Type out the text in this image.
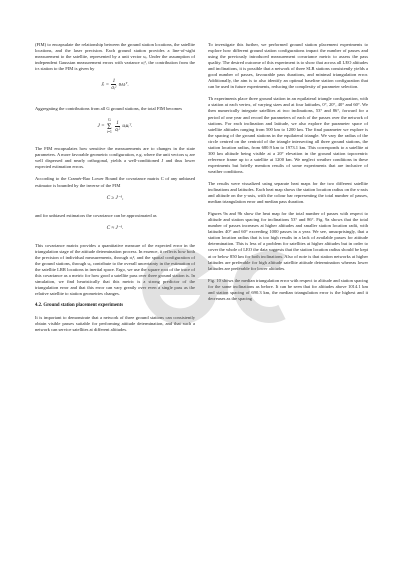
(FIM) to encapsulate the relationship between the ground station locations, the satellite locations, and the laser precision. Each ground station provides a line-of-sight measurement to the satellite, represented by a unit vector uᵢ. Under the assumption of independent Gaussian measurement errors with variance σᵢ², the contribution from the iₜₕ station to the FIM is given by

Jᵢ = $\frac{1}{\text{σᵢ²}}$ uᵢuᵢᵀ.

Aggregating the contributions from all G ground stations, the total FIM becomes

J =
G
Σ
i=1
$\frac{1}{\text{σᵢ²}}$ uᵢuᵢᵀ.

The FIM encapsulates how sensitive the measurements are to changes in the state parameters. A more favorable geometric configuration, e.g. where the unit vectors uᵢ are well dispersed and nearly orthogonal, yields a well-conditioned J and thus lower expected estimation errors.

According to the Cramér-Rao Lower Bound the covariance matrix C of any unbiased estimator is bounded by the inverse of the FIM

C ≥ J⁻¹,

and for unbiased estimators the covariance can be approximated as

C ≈ J⁻¹.

This covariance matrix provides a quantitative measure of the expected error in the triangulation stage of the attitude determination process. In essence, it reflects how both the precision of individual measurements, through σᵢ², and the spatial configuration of the ground stations, through uᵢ, contribute to the overall uncertainty in the estimation of the satellite LRR locations in inertial space. Ergo, we use the square root of the trace of this covariance as a metric for how good a satellite pass over three ground station is. In simulation, we find heuristically that this metric is a strong predictor of the triangulation error and that this error can vary greatly over even a single pass as the relative satellite to station geometries changes.

4.2. Ground station placement experiments

It is important to demonstrate that a network of three ground stations can consistently obtain visible passes suitable for performing attitude determination, and that such a network can service satellites at different altitudes.

To investigate this further, we performed ground station placement experiments to explore how different ground station configurations impact the number of passes and using the previously introduced measurement covariance metric to assess the pass quality. The desired outcome of this experiment is to show that across all LEO altitudes and inclinations, it is possible that a network of three SLR stations consistently yields a good number of passes, favourable pass durations, and minimal triangulation error. Additionally, the aim is to also identify an optimal baseline station configuration that can be used in future experiments, reducing the complexity of parameter selection.

Th experiments place three ground station in an equilateral triangle configuration, with a station at each vertex, of varying sizes and at four latitudes, 0°, 20°, 40° and 60°. We then numerically integrate satellites at two inclinations, 53° and 86°, forward for a period of one year and record the parameters of each of the passes over the network of stations. For each inclination and latitude, we also explore the parameter space of satellite altitudes ranging from 500 km to 1200 km. The final parameter we explore is the spacing of the ground stations in the equilateral triangle. We vary the radius of the circle centred on the centroid of the triangle intersecting all three ground stations, the station location radius, from 680.9 km to 1973.1 km. This corresponds to a satellite at 300 km altitude being visible at a 20° elevation in the ground station topocentric reference frame up to a satellite at 1200 km. We neglect weather conditions in these experiments but briefly mention results of some experiments that are inclusive of weather conditions.

The results were visualized using separate heat maps for the two different satellite inclinations and latitudes. Each heat map shows the station location radius on the x-axis and altitude on the y-axis, with the colour bar representing the total number of passes, median triangulation error and median pass duration.

Figures 9a and 9b show the heat map for the total number of passes with respect to altitude and station spacing for inclinations 53° and 86°. Fig. 9a shows that the total number of passes increases at higher altitudes and smaller station location radii, with latitudes 40° and 60° exceeding 1000 passes in a year. We see, unsurprisingly, that a station location radius that is too high results in a lack of available passes for attitude determination. This is less of a problem for satellites at higher altitudes but in order to cover the whole of LEO the data suggests that the station location radius should be kept at or below 850 km for both inclinations. Also of note is that station networks at higher latitudes are preferable for high altitude satellite attitude determination whereas lower latitudes are preferable for lower altitudes.

Fig. 10 shows the median triangulation error with respect to altitude and station spacing for the same inclinations as before. It can be seen that for altitudes above 1014.1 km and station spacing of 690.3 km, the median triangulation error is the highest and it decreases as the spacing
